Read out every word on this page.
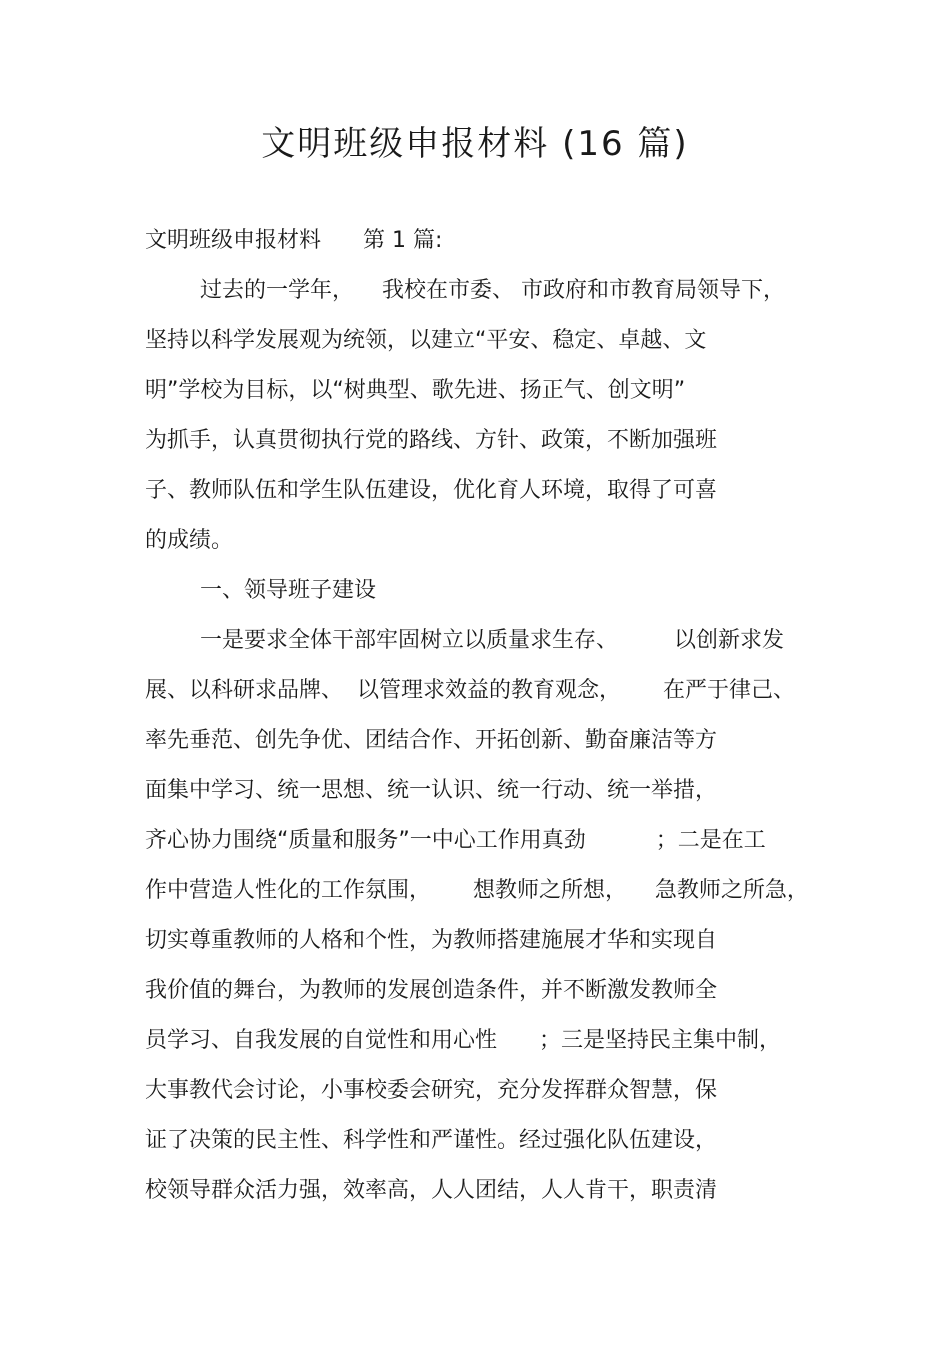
文明班级申报材料 (16 篇)
文明班级申报材料      第 1 篇:
过去的一学年，    我校在市委、 市政府和市教育局领导下，
坚持以科学发展观为统领，以建立“平安、稳定、卓越、文
明”学校为目标，以“树典型、歌先进、扬正气、创文明”
为抓手，认真贯彻执行党的路线、方针、政策，不断加强班
子、教师队伍和学生队伍建设，优化育人环境，取得了可喜
的成绩。
一、领导班子建设
一是要求全体干部牢固树立以质量求生存、        以创新求发
展、以科研求品牌、  以管理求效益的教育观念，      在严于律己、
率先垂范、创先争优、团结合作、开拓创新、勤奋廉洁等方
面集中学习、统一思想、统一认识、统一行动、统一举措，
齐心协力围绕“质量和服务”一中心工作用真劲          ；二是在工
作中营造人性化的工作氛围，      想教师之所想，    急教师之所急，
切实尊重教师的人格和个性，为教师搭建施展才华和实现自
我价值的舞台，为教师的发展创造条件，并不断激发教师全
员学习、自我发展的自觉性和用心性      ；三是坚持民主集中制，
大事教代会讨论，小事校委会研究，充分发挥群众智慧，保
证了决策的民主性、科学性和严谨性。经过强化队伍建设，
校领导群众活力强，效率高，人人团结，人人肯干，职责清
